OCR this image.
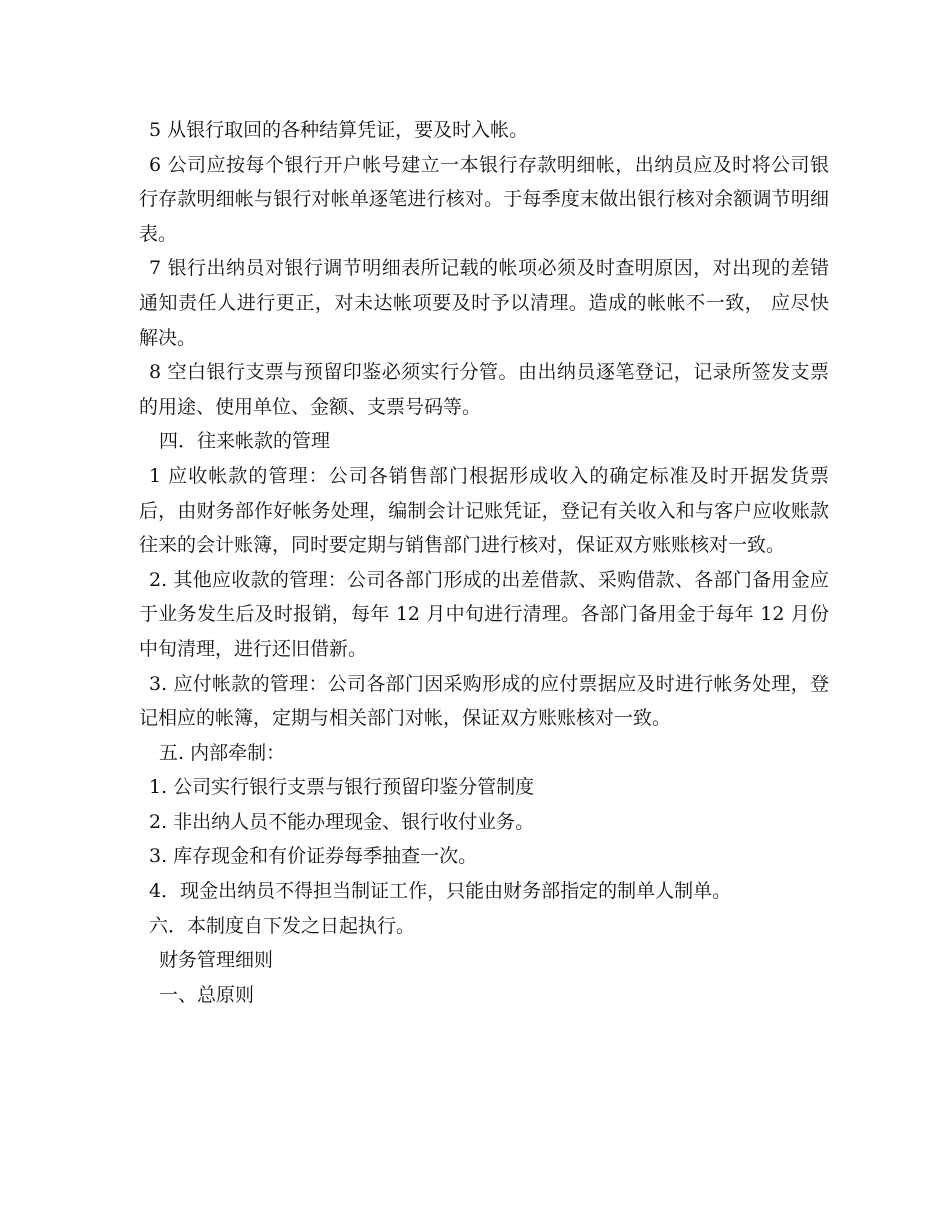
5 从银行取回的各种结算凭证，要及时入帐。

6 公司应按每个银行开户帐号建立一本银行存款明细帐，出纳员应及时将公司银行存款明细帐与银行对帐单逐笔进行核对。于每季度末做出银行核对余额调节明细表。

7 银行出纳员对银行调节明细表所记载的帐项必须及时查明原因，对出现的差错通知责任人进行更正，对未达帐项要及时予以清理。造成的帐帐不一致， 应尽快解决。

8 空白银行支票与预留印鉴必须实行分管。由出纳员逐笔登记，记录所签发支票的用途、使用单位、金额、支票号码等。

四．往来帐款的管理

1 应收帐款的管理：公司各销售部门根据形成收入的确定标准及时开据发货票后，由财务部作好帐务处理，编制会计记账凭证，登记有关收入和与客户应收账款往来的会计账簿，同时要定期与销售部门进行核对，保证双方账账核对一致。

2. 其他应收款的管理：公司各部门形成的出差借款、采购借款、各部门备用金应于业务发生后及时报销，每年 12 月中旬进行清理。各部门备用金于每年 12 月份中旬清理，进行还旧借新。

3. 应付帐款的管理：公司各部门因采购形成的应付票据应及时进行帐务处理，登记相应的帐簿，定期与相关部门对帐，保证双方账账核对一致。

五. 内部牵制：

1. 公司实行银行支票与银行预留印鉴分管制度

2. 非出纳人员不能办理现金、银行收付业务。

3. 库存现金和有价证券每季抽查一次。

4．现金出纳员不得担当制证工作，只能由财务部指定的制单人制单。

六．本制度自下发之日起执行。

财务管理细则

一、总原则
